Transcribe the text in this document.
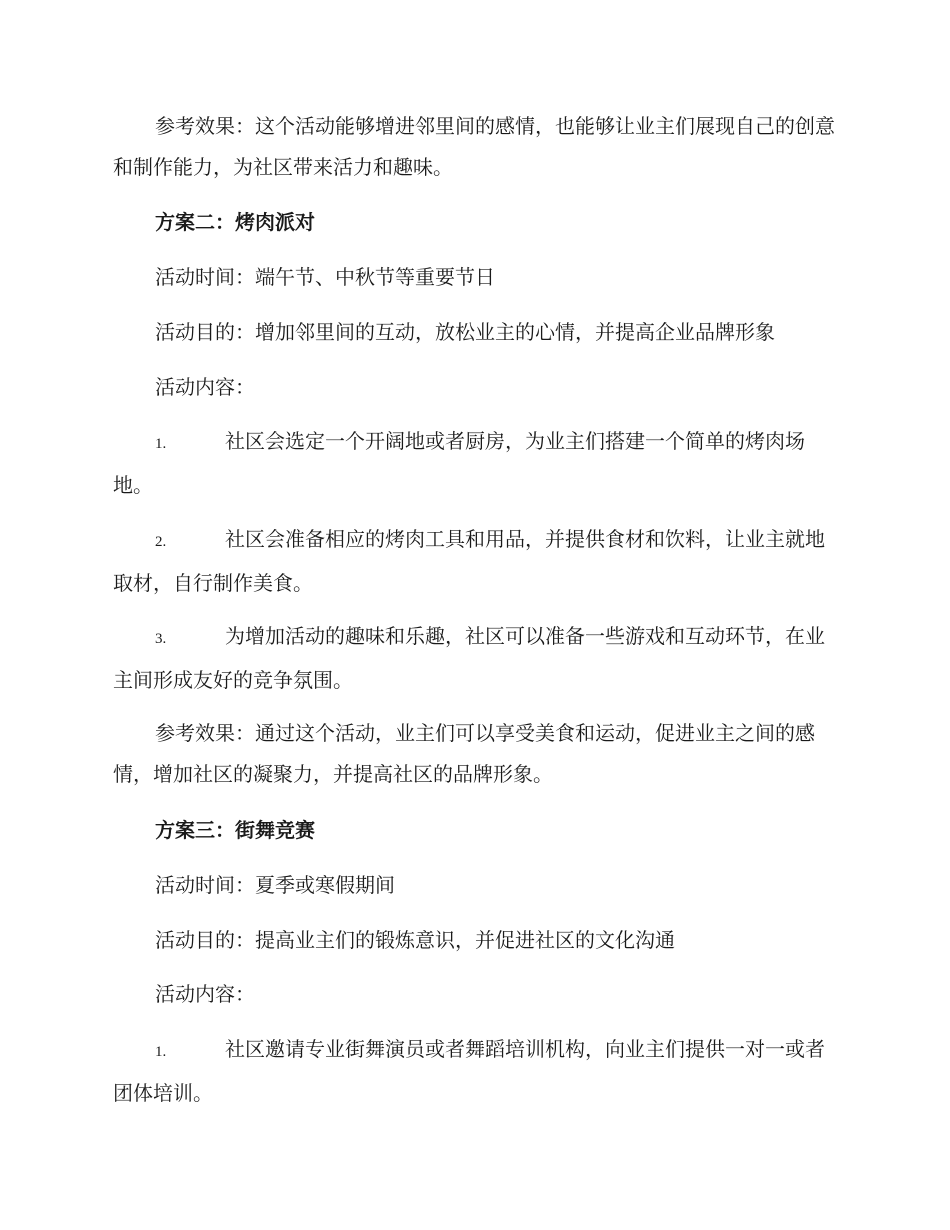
参考效果：这个活动能够增进邻里间的感情，也能够让业主们展现自己的创意和制作能力，为社区带来活力和趣味。

方案二：烤肉派对

活动时间：端午节、中秋节等重要节日

活动目的：增加邻里间的互动，放松业主的心情，并提高企业品牌形象

活动内容：

1.	社区会选定一个开阔地或者厨房，为业主们搭建一个简单的烤肉场地。

2.	社区会准备相应的烤肉工具和用品，并提供食材和饮料，让业主就地取材，自行制作美食。

3.	为增加活动的趣味和乐趣，社区可以准备一些游戏和互动环节，在业主间形成友好的竞争氛围。

参考效果：通过这个活动，业主们可以享受美食和运动，促进业主之间的感情，增加社区的凝聚力，并提高社区的品牌形象。

方案三：街舞竞赛

活动时间：夏季或寒假期间

活动目的：提高业主们的锻炼意识，并促进社区的文化沟通

活动内容：

1.	社区邀请专业街舞演员或者舞蹈培训机构，向业主们提供一对一或者团体培训。
